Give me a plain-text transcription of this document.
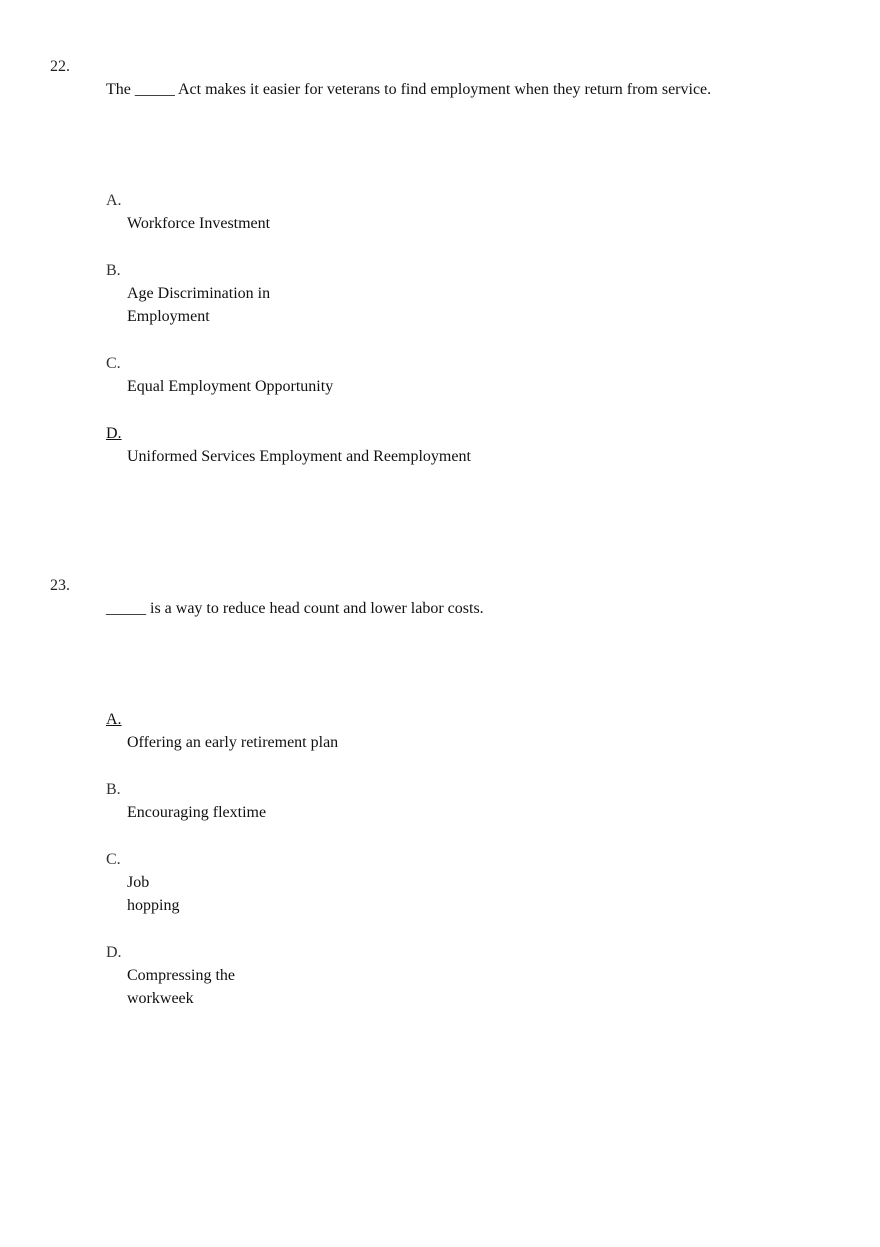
22.
The _____ Act makes it easier for veterans to find employment when they return from service.
A.
Workforce Investment
B.
Age Discrimination in Employment
C.
Equal Employment Opportunity
D.
Uniformed Services Employment and Reemployment
23.
_____ is a way to reduce head count and lower labor costs.
A.
Offering an early retirement plan
B.
Encouraging flextime
C.
Job hopping
D.
Compressing the workweek
